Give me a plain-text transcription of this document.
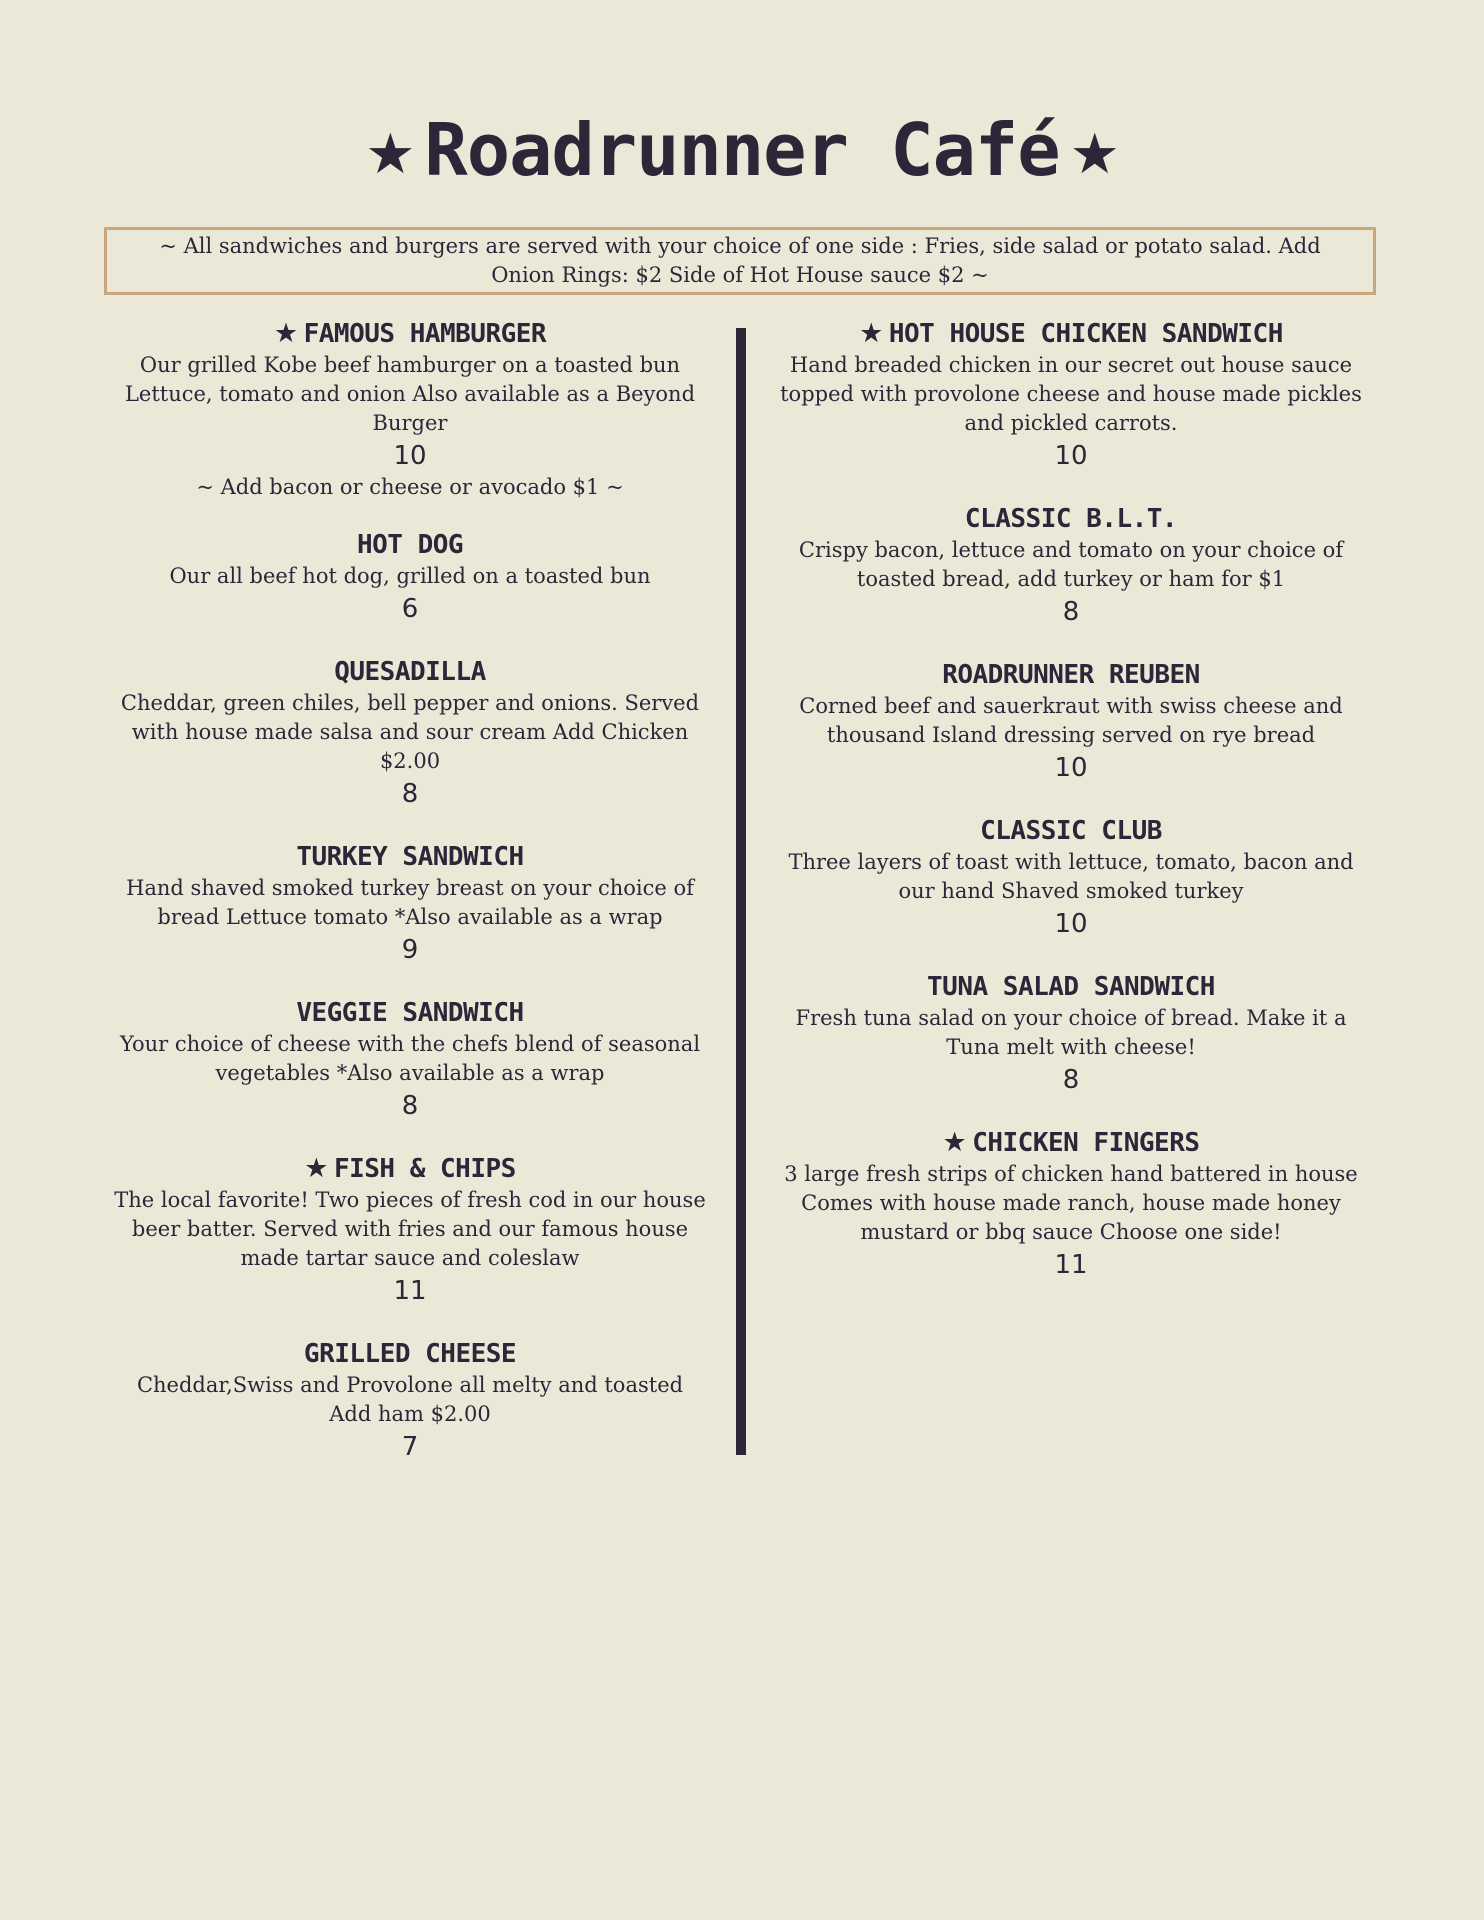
★ Roadrunner Café ★
~ All sandwiches and burgers are served with your choice of one side : Fries, side salad or potato salad. Add Onion Rings: $2 Side of Hot House sauce $2 ~
★ FAMOUS HAMBURGER
Our grilled Kobe beef hamburger on a toasted bun Lettuce, tomato and onion Also available as a Beyond Burger
10
~ Add bacon or cheese or avocado $1 ~
HOT DOG
Our all beef hot dog, grilled on a toasted bun
6
QUESADILLA
Cheddar, green chiles, bell pepper and onions. Served with house made salsa and sour cream Add Chicken $2.00
8
TURKEY SANDWICH
Hand shaved smoked turkey breast on your choice of bread Lettuce tomato *Also available as a wrap
9
VEGGIE SANDWICH
Your choice of cheese with the chefs blend of seasonal vegetables *Also available as a wrap
8
★ FISH & CHIPS
The local favorite! Two pieces of fresh cod in our house beer batter. Served with fries and our famous house made tartar sauce and coleslaw
11
GRILLED CHEESE
Cheddar,Swiss and Provolone all melty and toasted Add ham $2.00
7
★ HOT HOUSE CHICKEN SANDWICH
Hand breaded chicken in our secret out house sauce topped with provolone cheese and house made pickles and pickled carrots.
10
CLASSIC B.L.T.
Crispy bacon, lettuce and tomato on your choice of toasted bread, add turkey or ham for $1
8
ROADRUNNER REUBEN
Corned beef and sauerkraut with swiss cheese and thousand Island dressing served on rye bread
10
CLASSIC CLUB
Three layers of toast with lettuce, tomato, bacon and our hand Shaved smoked turkey
10
TUNA SALAD SANDWICH
Fresh tuna salad on your choice of bread. Make it a Tuna melt with cheese!
8
★ CHICKEN FINGERS
3 large fresh strips of chicken hand battered in house Comes with house made ranch, house made honey mustard or bbq sauce Choose one side!
11
